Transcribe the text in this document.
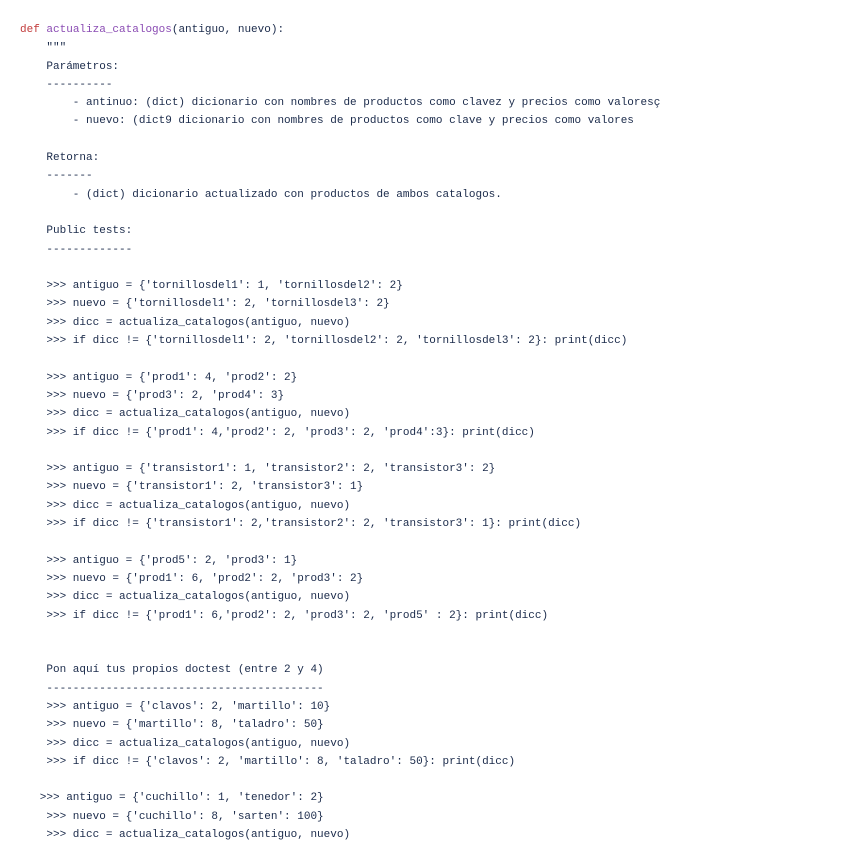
def actualiza_catalogos(antiguo, nuevo):
"""
Parámetros:
----------
- antinuo: (dict) dicionario con nombres de productos como clavez y precios como valoresç
- nuevo: (dict9 dicionario con nombres de productos como clave y precios como valores
Retorna:
-------
- (dict) dicionario actualizado con productos de ambos catalogos.
Public tests:
-------------
>>> antiguo = {'tornillosdel1': 1, 'tornillosdel2': 2}
>>> nuevo = {'tornillosdel1': 2, 'tornillosdel3': 2}
>>> dicc = actualiza_catalogos(antiguo, nuevo)
>>> if dicc != {'tornillosdel1': 2, 'tornillosdel2': 2, 'tornillosdel3': 2}: print(dicc)
>>> antiguo = {'prod1': 4, 'prod2': 2}
>>> nuevo = {'prod3': 2, 'prod4': 3}
>>> dicc = actualiza_catalogos(antiguo, nuevo)
>>> if dicc != {'prod1': 4,'prod2': 2, 'prod3': 2, 'prod4':3}: print(dicc)
>>> antiguo = {'transistor1': 1, 'transistor2': 2, 'transistor3': 2}
>>> nuevo = {'transistor1': 2, 'transistor3': 1}
>>> dicc = actualiza_catalogos(antiguo, nuevo)
>>> if dicc != {'transistor1': 2,'transistor2': 2, 'transistor3': 1}: print(dicc)
>>> antiguo = {'prod5': 2, 'prod3': 1}
>>> nuevo = {'prod1': 6, 'prod2': 2, 'prod3': 2}
>>> dicc = actualiza_catalogos(antiguo, nuevo)
>>> if dicc != {'prod1': 6,'prod2': 2, 'prod3': 2, 'prod5' : 2}: print(dicc)
Pon aquí tus propios doctest (entre 2 y 4)
------------------------------------------
>>> antiguo = {'clavos': 2, 'martillo': 10}
>>> nuevo = {'martillo': 8, 'taladro': 50}
>>> dicc = actualiza_catalogos(antiguo, nuevo)
>>> if dicc != {'clavos': 2, 'martillo': 8, 'taladro': 50}: print(dicc)
>>> antiguo = {'cuchillo': 1, 'tenedor': 2}
>>> nuevo = {'cuchillo': 8, 'sarten': 100}
>>> dicc = actualiza_catalogos(antiguo, nuevo)
